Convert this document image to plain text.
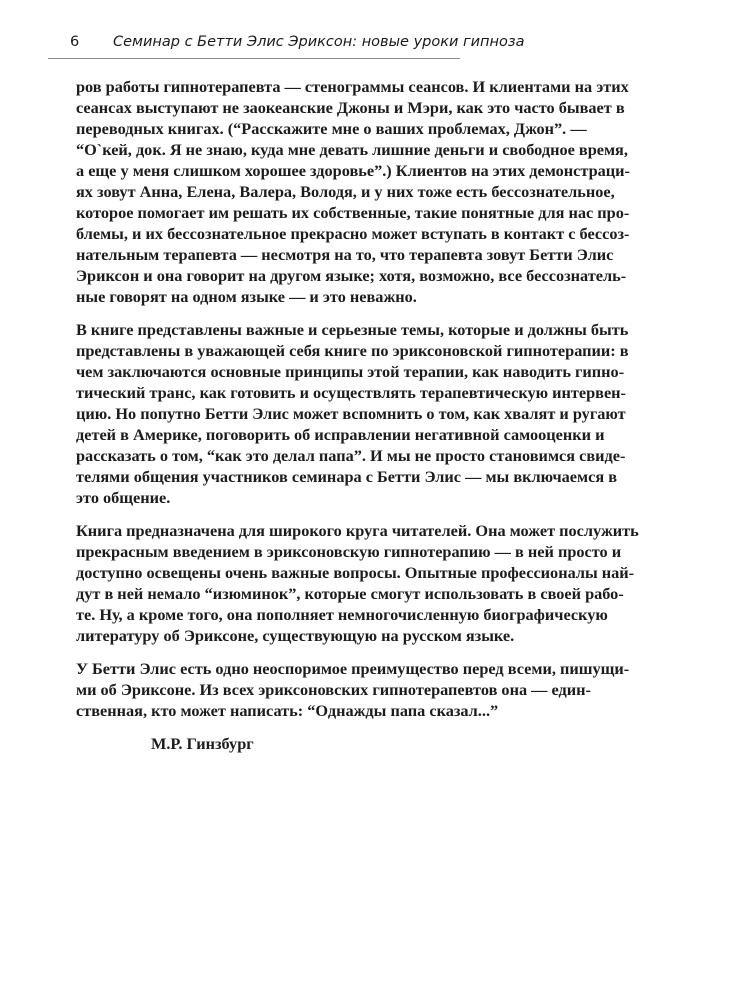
6 Семинар с Бетти Элис Эриксон: новые уроки гипноза
ров работы гипнотерапевта — стенограммы сеансов. И клиентами на этих
сеансах выступают не заокеанские Джоны и Мэри, как это часто бывает в
переводных книгах. (“Расскажите мне о ваших проблемах, Джон”. —
“О`кей, док. Я не знаю, куда мне девать лишние деньги и свободное время,
а еще у меня слишком хорошее здоровье”.) Клиентов на этих демонстраци-
ях зовут Анна, Елена, Валера, Володя, и у них тоже есть бессознательное,
которое помогает им решать их собственные, такие понятные для нас про-
блемы, и их бессознательное прекрасно может вступать в контакт с бессоз-
нательным терапевта — несмотря на то, что терапевта зовут Бетти Элис
Эриксон и она говорит на другом языке; хотя, возможно, все бессознатель-
ные говорят на одном языке — и это неважно.
В книге представлены важные и серьезные темы, которые и должны быть
представлены в уважающей себя книге по эриксоновской гипнотерапии: в
чем заключаются основные принципы этой терапии, как наводить гипно-
тический транс, как готовить и осуществлять терапевтическую интервен-
цию. Но попутно Бетти Элис может вспомнить о том, как хвалят и ругают
детей в Америке, поговорить об исправлении негативной самооценки и
рассказать о том, “как это делал папа”. И мы не просто становимся свиде-
телями общения участников семинара с Бетти Элис — мы включаемся в
это общение.
Книга предназначена для широкого круга читателей. Она может послужить
прекрасным введением в эриксоновскую гипнотерапию — в ней просто и
доступно освещены очень важные вопросы. Опытные профессионалы най-
дут в ней немало “изюминок”, которые смогут использовать в своей рабо-
те. Ну, а кроме того, она пополняет немногочисленную биографическую
литературу об Эриксоне, существующую на русском языке.
У Бетти Элис есть одно неоспоримое преимущество перед всеми, пишущи-
ми об Эриксоне. Из всех эриксоновских гипнотерапевтов она — един-
ственная, кто может написать: “Однажды папа сказал...”
М.Р. Гинзбург
